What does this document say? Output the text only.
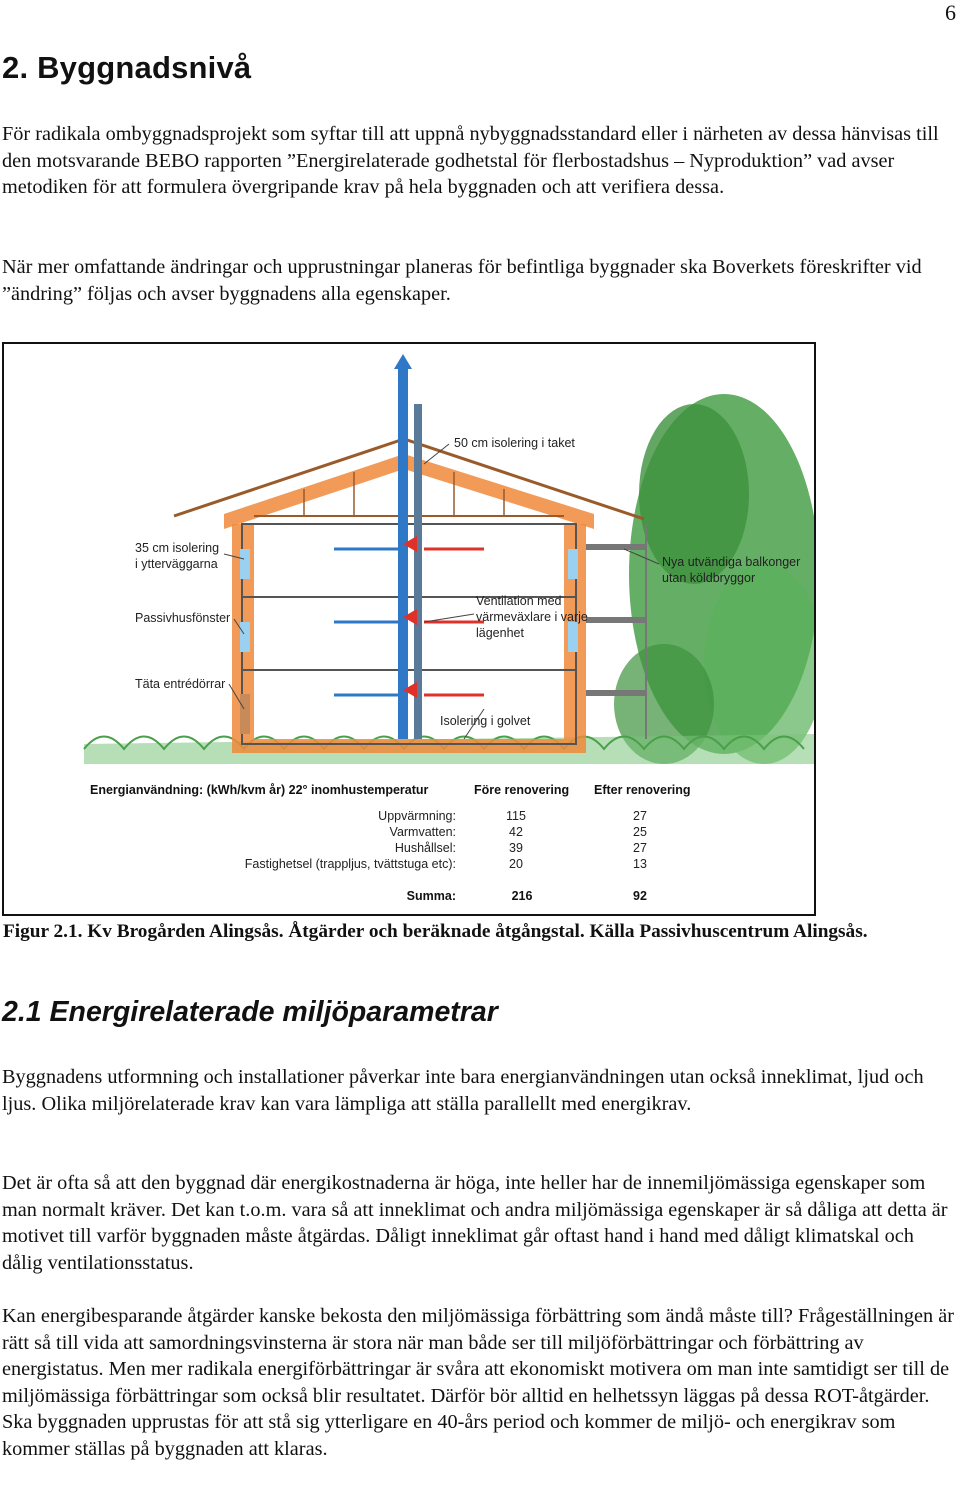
6
2. Byggnadsnivå

För radikala ombyggnadsprojekt som syftar till att uppnå nybyggnadsstandard eller i närheten av dessa hänvisas till den motsvarande BEBO rapporten ”Energirelaterade godhetstal för flerbostadshus – Nyproduktion” vad avser metodiken för att formulera övergripande krav på hela byggnaden och att verifiera dessa.

När mer omfattande ändringar och upprustningar planeras för befintliga byggnader ska Boverkets föreskrifter vid ”ändring” följas och avser byggnadens alla egenskaper.

50 cm isolering i taket
35 cm isolering
i ytterväggarna
Passivhusfönster
Täta entrédörrar
Ventilation med
värmeväxlare i varje
lägenhet
Isolering i golvet
Nya utvändiga balkonger
utan köldbryggor
Energianvändning: (kWh/kvm år) 22° inomhustemperatur	Före renovering Efter renovering
Uppvärmning:	115	27
Varmvatten:	42	25
Hushållsel:	39	27
Fastighetsel (trappljus, tvättstuga etc):	20	13
Summa:	216	92
Figur 2.1. Kv Brogården Alingsås. Åtgärder och beräknade åtgångstal. Källa Passivhuscentrum Alingsås.
2.1 Energirelaterade miljöparametrar

Byggnadens utformning och installationer påverkar inte bara energianvändningen utan också inneklimat, ljud och ljus. Olika miljörelaterade krav kan vara lämpliga att ställa parallellt med energikrav.

Det är ofta så att den byggnad där energikostnaderna är höga, inte heller har de innemiljömässiga egenskaper som man normalt kräver. Det kan t.o.m. vara så att inneklimat och andra miljömässiga egenskaper är så dåliga att detta är motivet till varför byggnaden måste åtgärdas. Dåligt inneklimat går oftast hand i hand med dåligt klimatskal och dålig ventilationsstatus.

Kan energibesparande åtgärder kanske bekosta den miljömässiga förbättring som ändå måste till? Frågeställningen är rätt så till vida att samordningsvinsterna är stora när man både ser till miljöförbättringar och förbättring av energistatus. Men mer radikala energiförbättringar är svåra att ekonomiskt motivera om man inte samtidigt ser till de miljömässiga förbättringar som också blir resultatet. Därför bör alltid en helhetssyn läggas på dessa ROT-åtgärder. Ska byggnaden upprustas för att stå sig ytterligare en 40-års period och kommer de miljö- och energikrav som kommer ställas på byggnaden att klaras.
